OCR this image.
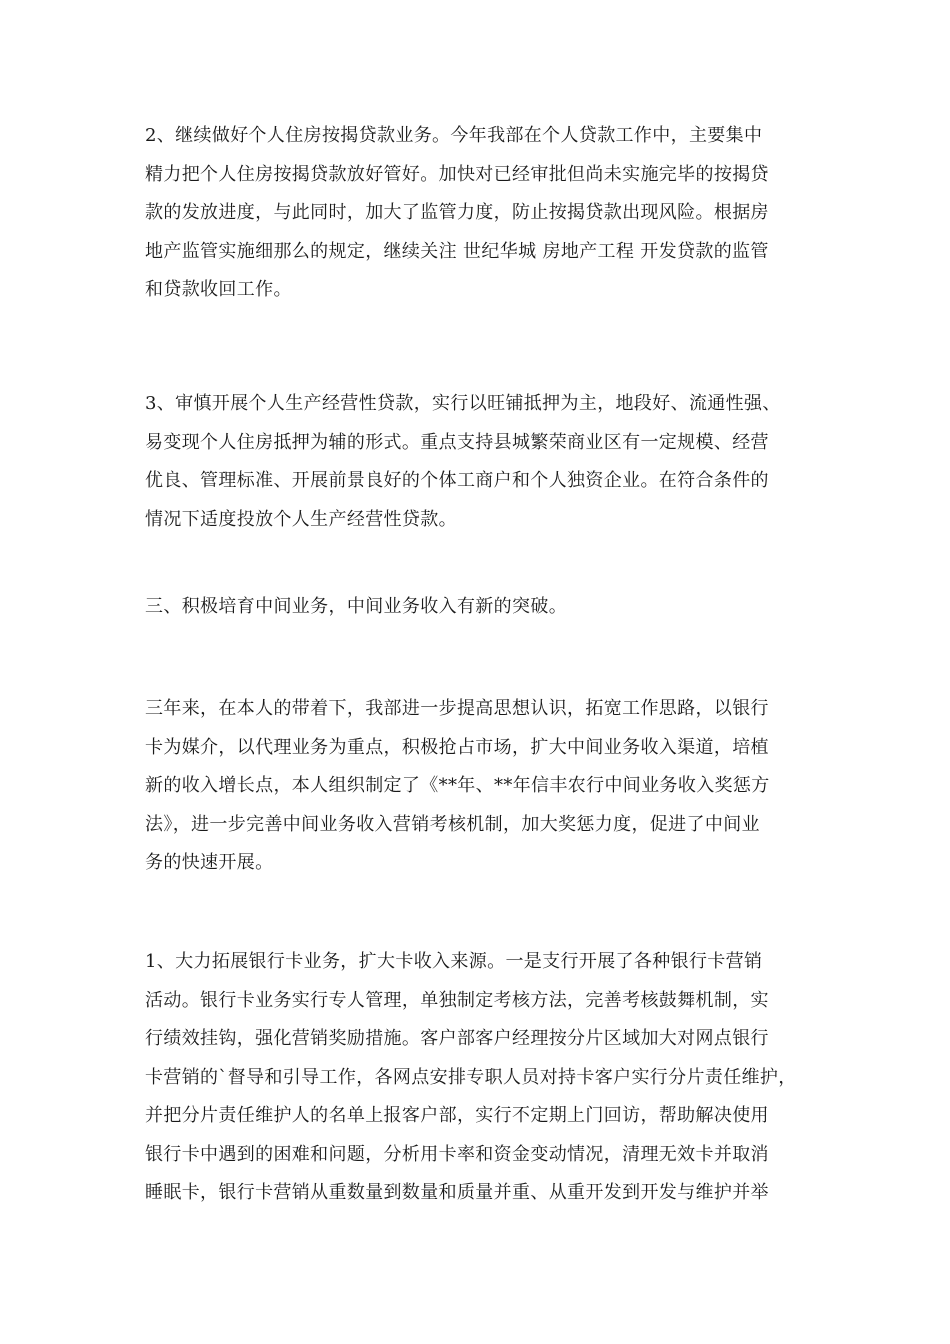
2、继续做好个人住房按揭贷款业务。今年我部在个人贷款工作中，主要集中
精力把个人住房按揭贷款放好管好。加快对已经审批但尚未实施完毕的按揭贷
款的发放进度，与此同时，加大了监管力度，防止按揭贷款出现风险。根据房
地产监管实施细那么的规定，继续关注 世纪华城 房地产工程 开发贷款的监管
和贷款收回工作。

3、审慎开展个人生产经营性贷款，实行以旺铺抵押为主，地段好、流通性强、
易变现个人住房抵押为辅的形式。重点支持县城繁荣商业区有一定规模、经营
优良、管理标准、开展前景良好的个体工商户和个人独资企业。在符合条件的
情况下适度投放个人生产经营性贷款。

三、积极培育中间业务，中间业务收入有新的突破。

三年来，在本人的带着下，我部进一步提高思想认识，拓宽工作思路，以银行
卡为媒介，以代理业务为重点，积极抢占市场，扩大中间业务收入渠道，培植
新的收入增长点，本人组织制定了《**年、**年信丰农行中间业务收入奖惩方
法》，进一步完善中间业务收入营销考核机制，加大奖惩力度，促进了中间业
务的快速开展。

1、大力拓展银行卡业务，扩大卡收入来源。一是支行开展了各种银行卡营销
活动。银行卡业务实行专人管理，单独制定考核方法，完善考核鼓舞机制，实
行绩效挂钩，强化营销奖励措施。客户部客户经理按分片区域加大对网点银行
卡营销的`督导和引导工作，各网点安排专职人员对持卡客户实行分片责任维护，
并把分片责任维护人的名单上报客户部，实行不定期上门回访，帮助解决使用
银行卡中遇到的困难和问题，分析用卡率和资金变动情况，清理无效卡并取消
睡眠卡，银行卡营销从重数量到数量和质量并重、从重开发到开发与维护并举
